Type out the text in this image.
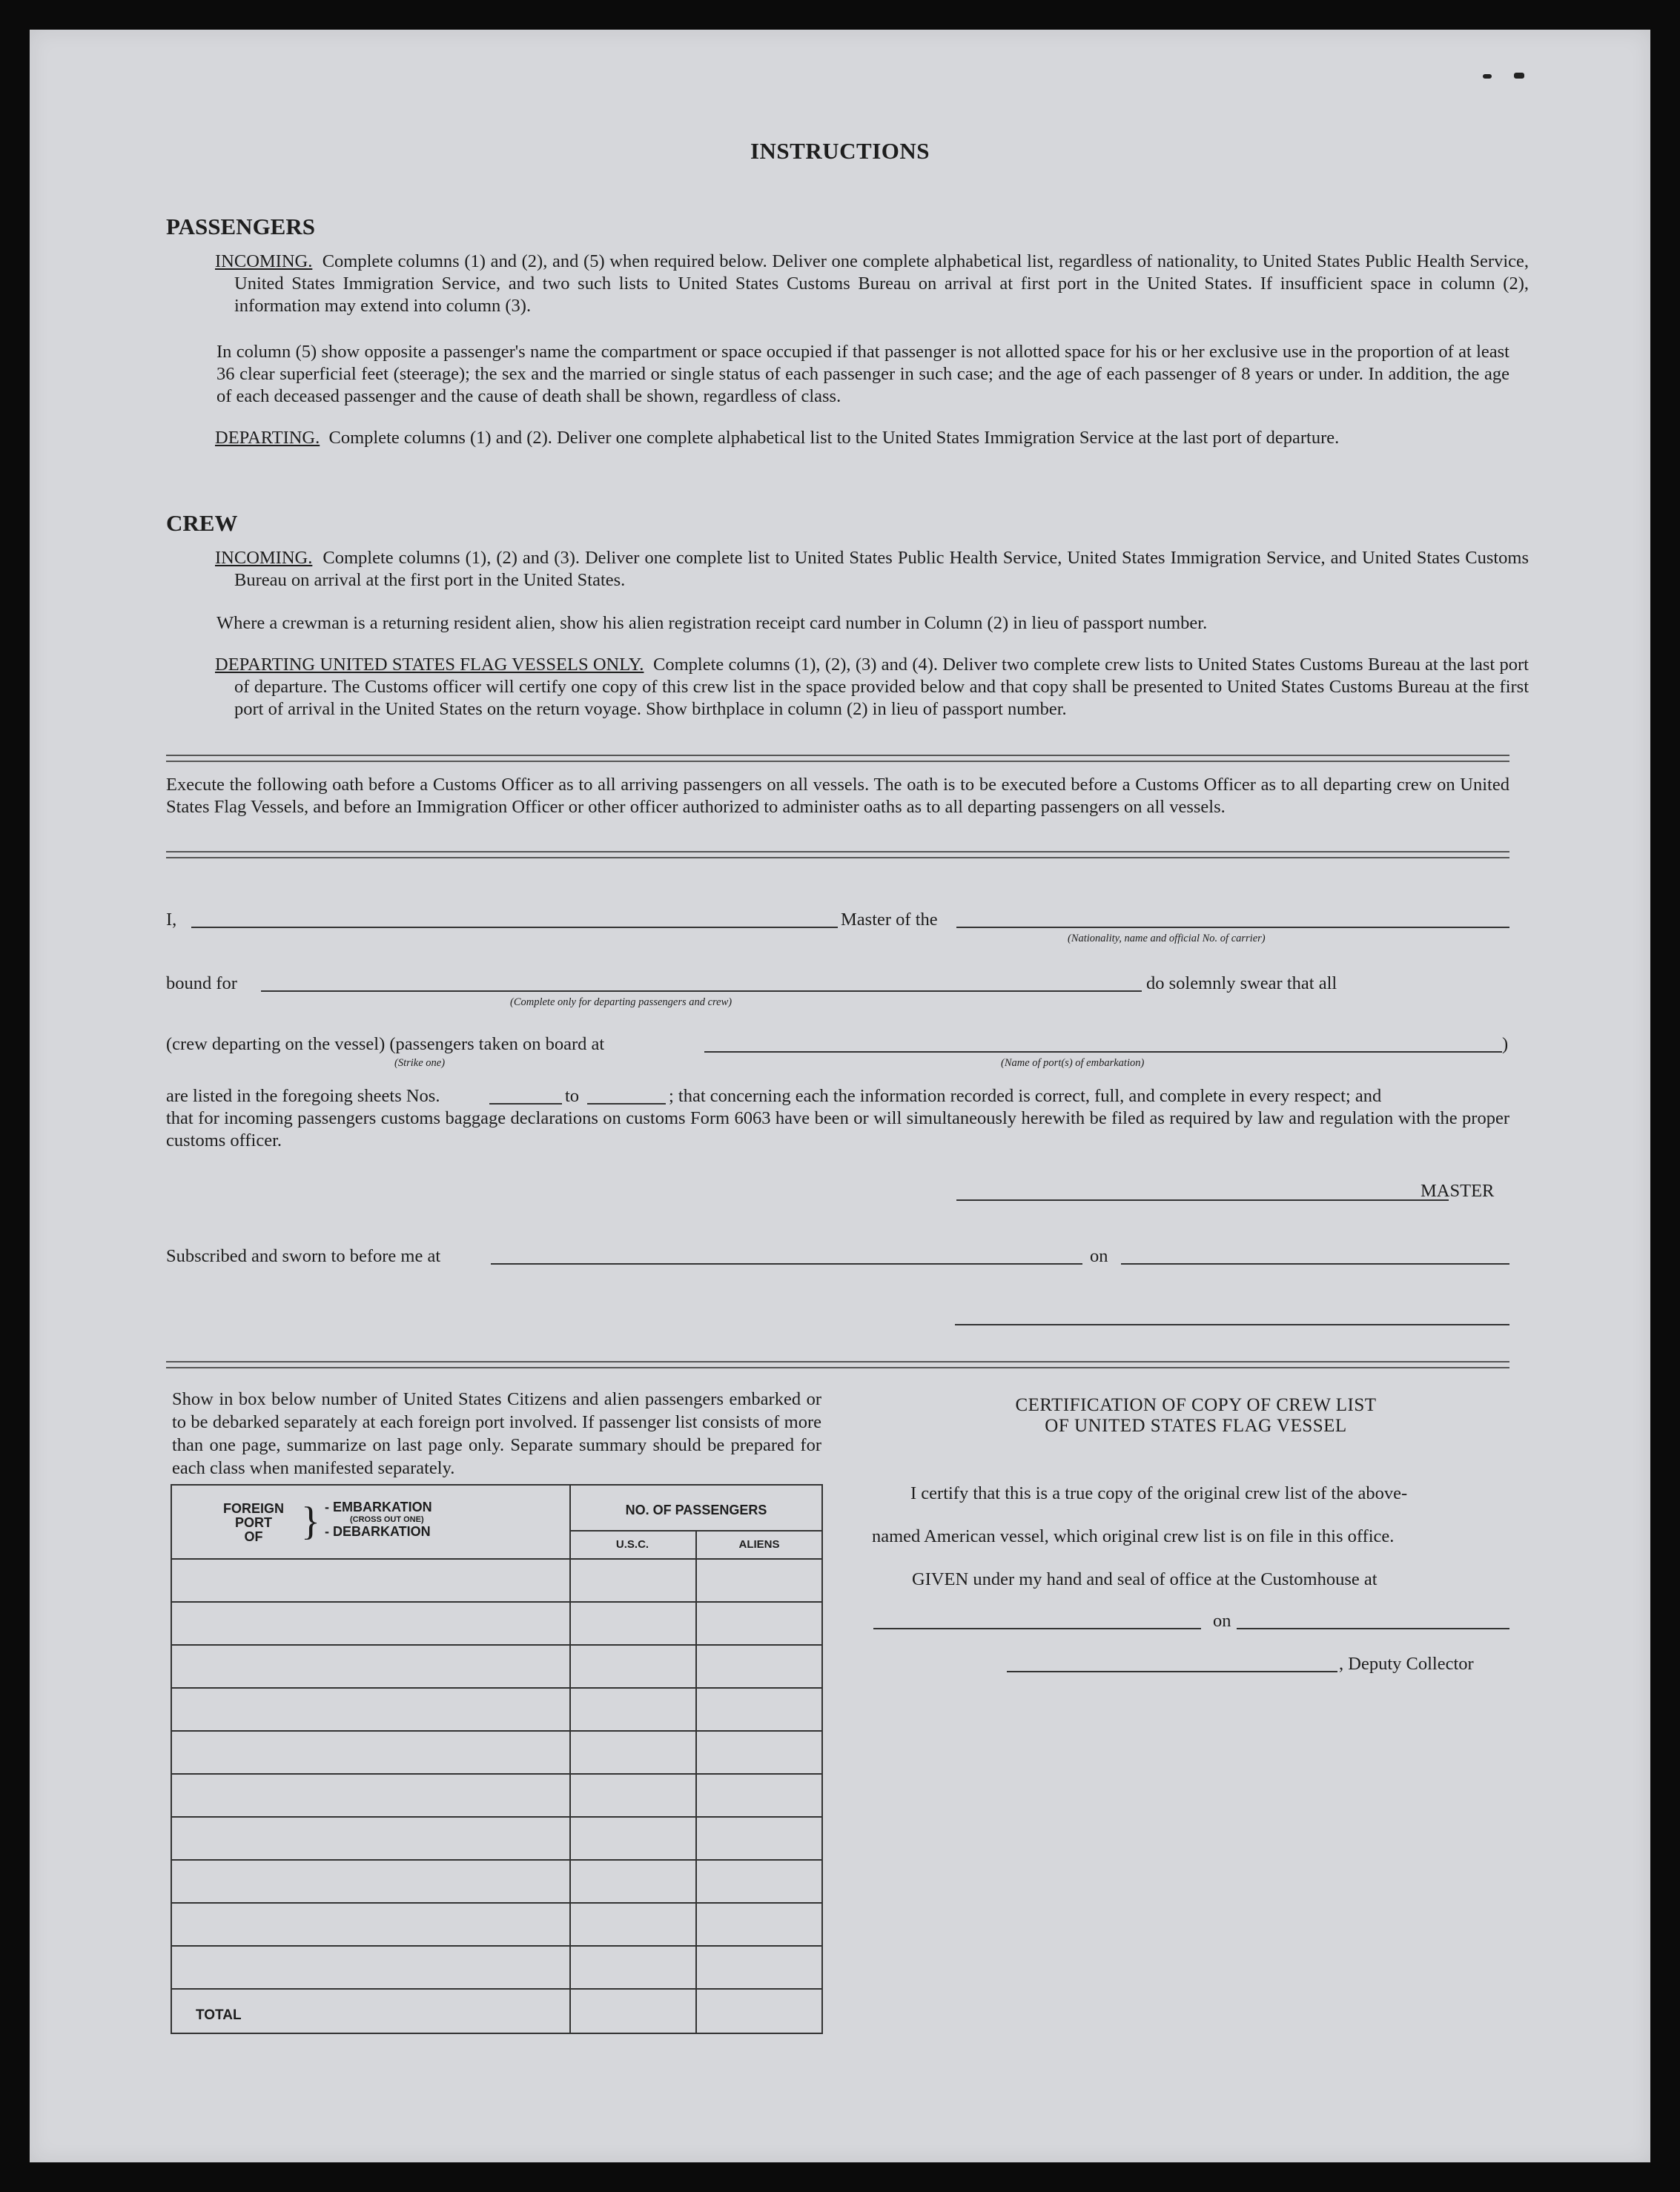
INSTRUCTIONS
PASSENGERS
INCOMING. Complete columns (1) and (2), and (5) when required below. Deliver one complete alphabetical list, regardless of nationality, to United States Public Health Service, United States Immigration Service, and two such lists to United States Customs Bureau on arrival at first port in the United States. If insufficient space in column (2), information may extend into column (3).
In column (5) show opposite a passenger's name the compartment or space occupied if that passenger is not allotted space for his or her exclusive use in the proportion of at least 36 clear superficial feet (steerage); the sex and the married or single status of each passenger in such case; and the age of each passenger of 8 years or under. In addition, the age of each deceased passenger and the cause of death shall be shown, regardless of class.
DEPARTING. Complete columns (1) and (2). Deliver one complete alphabetical list to the United States Immigration Service at the last port of departure.
CREW
INCOMING. Complete columns (1), (2) and (3). Deliver one complete list to United States Public Health Service, United States Immigration Service, and United States Customs Bureau on arrival at the first port in the United States.
Where a crewman is a returning resident alien, show his alien registration receipt card number in Column (2) in lieu of passport number.
DEPARTING UNITED STATES FLAG VESSELS ONLY. Complete columns (1), (2), (3) and (4). Deliver two complete crew lists to United States Customs Bureau at the last port of departure. The Customs officer will certify one copy of this crew list in the space provided below and that copy shall be presented to United States Customs Bureau at the first port of arrival in the United States on the return voyage. Show birthplace in column (2) in lieu of passport number.
Execute the following oath before a Customs Officer as to all arriving passengers on all vessels. The oath is to be executed before a Customs Officer as to all departing crew on United States Flag Vessels, and before an Immigration Officer or other officer authorized to administer oaths as to all departing passengers on all vessels.
I,	Master of the
(Nationality, name and official No. of carrier)
bound for
(Complete only for departing passengers and crew)
do solemnly swear that all
(crew departing on the vessel) (passengers taken on board at
(Strike one)	(Name of port(s) of embarkation)
)
are listed in the foregoing sheets Nos.	to	; that concerning each the information recorded is correct, full, and complete in every respect; and
that for incoming passengers customs baggage declarations on customs Form 6063 have been or will simultaneously herewith be filed as required by law and regulation with the proper customs officer.
MASTER
Subscribed and sworn to before me at	on
Show in box below number of United States Citizens and alien passengers embarked or to be debarked separately at each foreign port involved. If passenger list consists of more than one page, summarize on last page only. Separate summary should be prepared for each class when manifested separately.
FOREIGN
PORT
OF } - EMBARKATION
(CROSS OUT ONE)
- DEBARKATION
NO. OF PASSENGERS
U.S.C.	ALIENS
TOTAL
CERTIFICATION OF COPY OF CREW LIST
OF UNITED STATES FLAG VESSEL
I certify that this is a true copy of the original crew list of the above-
named American vessel, which original crew list is on file in this office.
GIVEN under my hand and seal of office at the Customhouse at
on
, Deputy Collector
